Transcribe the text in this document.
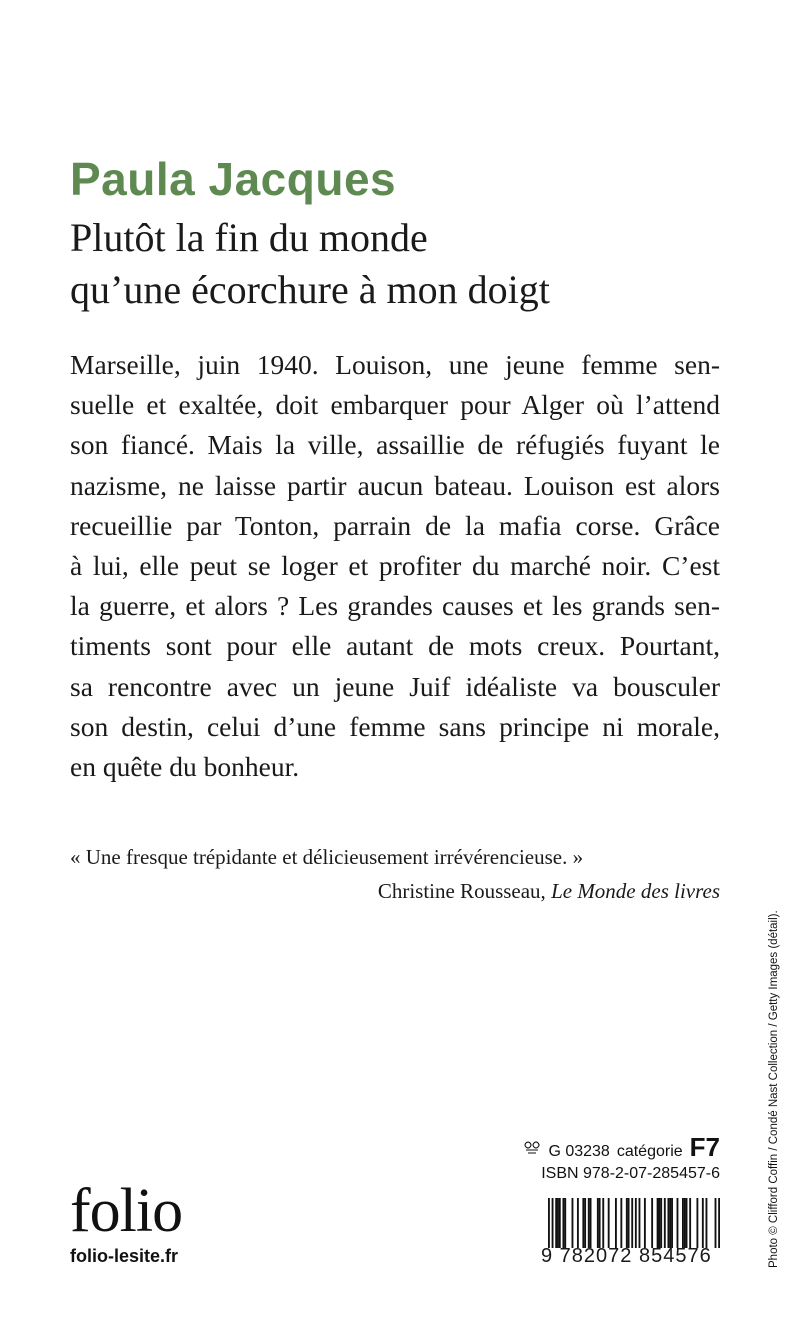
Paula Jacques
Plutôt la fin du monde
qu’une écorchure à mon doigt
Marseille, juin 1940. Louison, une jeune femme sen-
suelle et exaltée, doit embarquer pour Alger où l’attend
son fiancé. Mais la ville, assaillie de réfugiés fuyant le
nazisme, ne laisse partir aucun bateau. Louison est alors
recueillie par Tonton, parrain de la mafia corse. Grâce
à lui, elle peut se loger et profiter du marché noir. C’est
la guerre, et alors ? Les grandes causes et les grands sen-
timents sont pour elle autant de mots creux. Pourtant,
sa rencontre avec un jeune Juif idéaliste va bousculer
son destin, celui d’une femme sans principe ni morale,
en quête du bonheur.

« Une fresque trépidante et délicieusement irrévérencieuse. »

Christine Rousseau, Le Monde des livres

folio
folio-lesite.fr
G 03238 catégorie F7
ISBN 978-2-07-285457-6
9 782072 854576	Photo © Clifford Coffin / Condé Nast Collection / Getty Images (détail).
